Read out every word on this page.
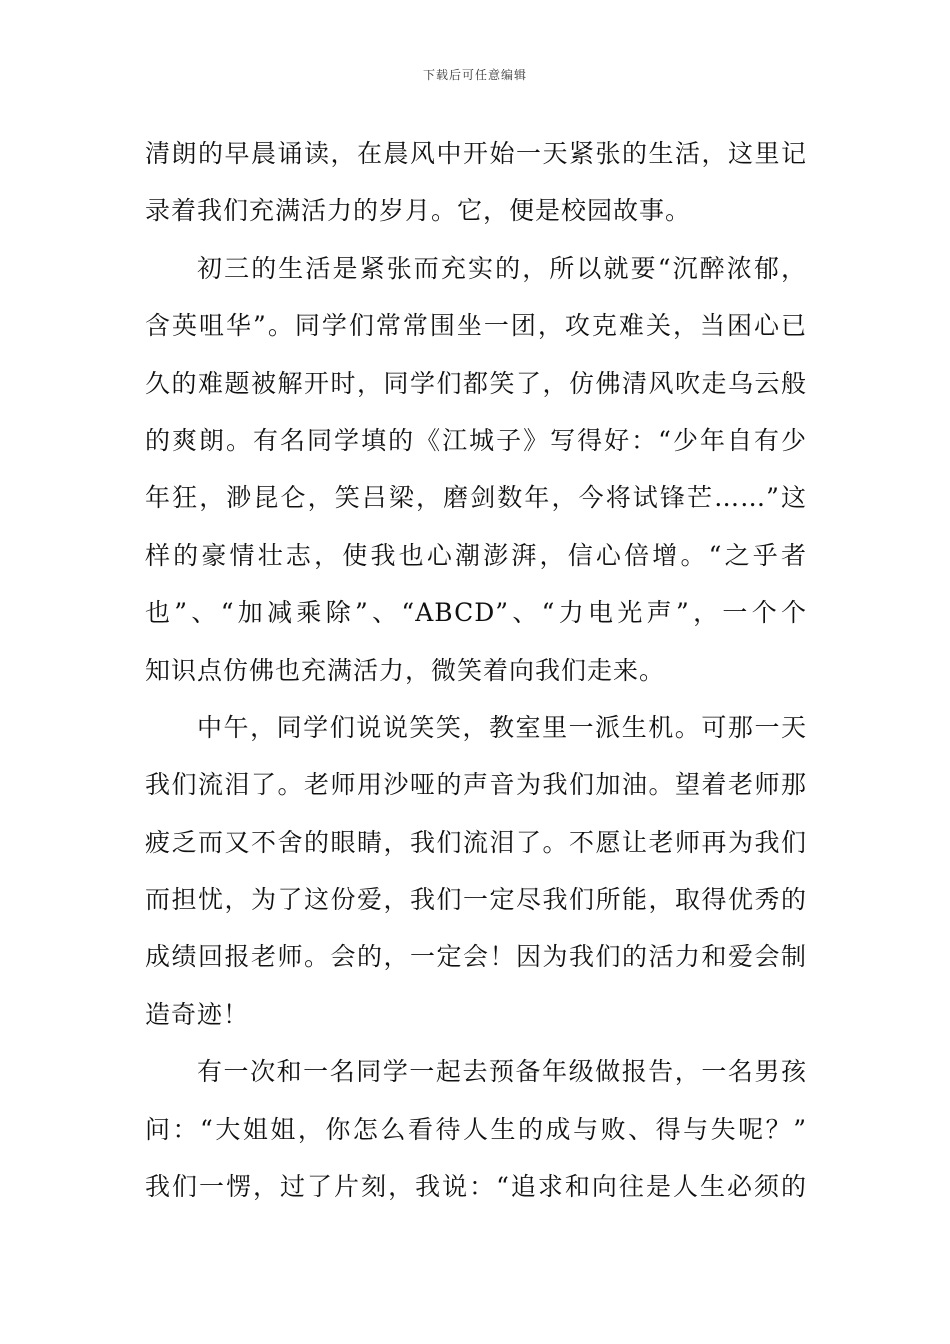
下载后可任意编辑
清朗的早晨诵读，在晨风中开始一天紧张的生活，这里记
录着我们充满活力的岁月。它，便是校园故事。
初三的生活是紧张而充实的，所以就要“沉醉浓郁，
含英咀华”。同学们常常围坐一团，攻克难关，当困心已
久的难题被解开时，同学们都笑了，仿佛清风吹走乌云般
的爽朗。有名同学填的《江城子》写得好：“少年自有少
年狂，渺昆仑，笑吕梁，磨剑数年，今将试锋芒……”这
样的豪情壮志，使我也心潮澎湃，信心倍增。“之乎者
也”、“加减乘除”、“ABCD”、“力电光声”，一个个
知识点仿佛也充满活力，微笑着向我们走来。
中午，同学们说说笑笑，教室里一派生机。可那一天
我们流泪了。老师用沙哑的声音为我们加油。望着老师那
疲乏而又不舍的眼睛，我们流泪了。不愿让老师再为我们
而担忧，为了这份爱，我们一定尽我们所能，取得优秀的
成绩回报老师。会的，一定会！因为我们的活力和爱会制
造奇迹！
有一次和一名同学一起去预备年级做报告，一名男孩
问：“大姐姐，你怎么看待人生的成与败、得与失呢？”
我们一愣，过了片刻，我说：“追求和向往是人生必须的
